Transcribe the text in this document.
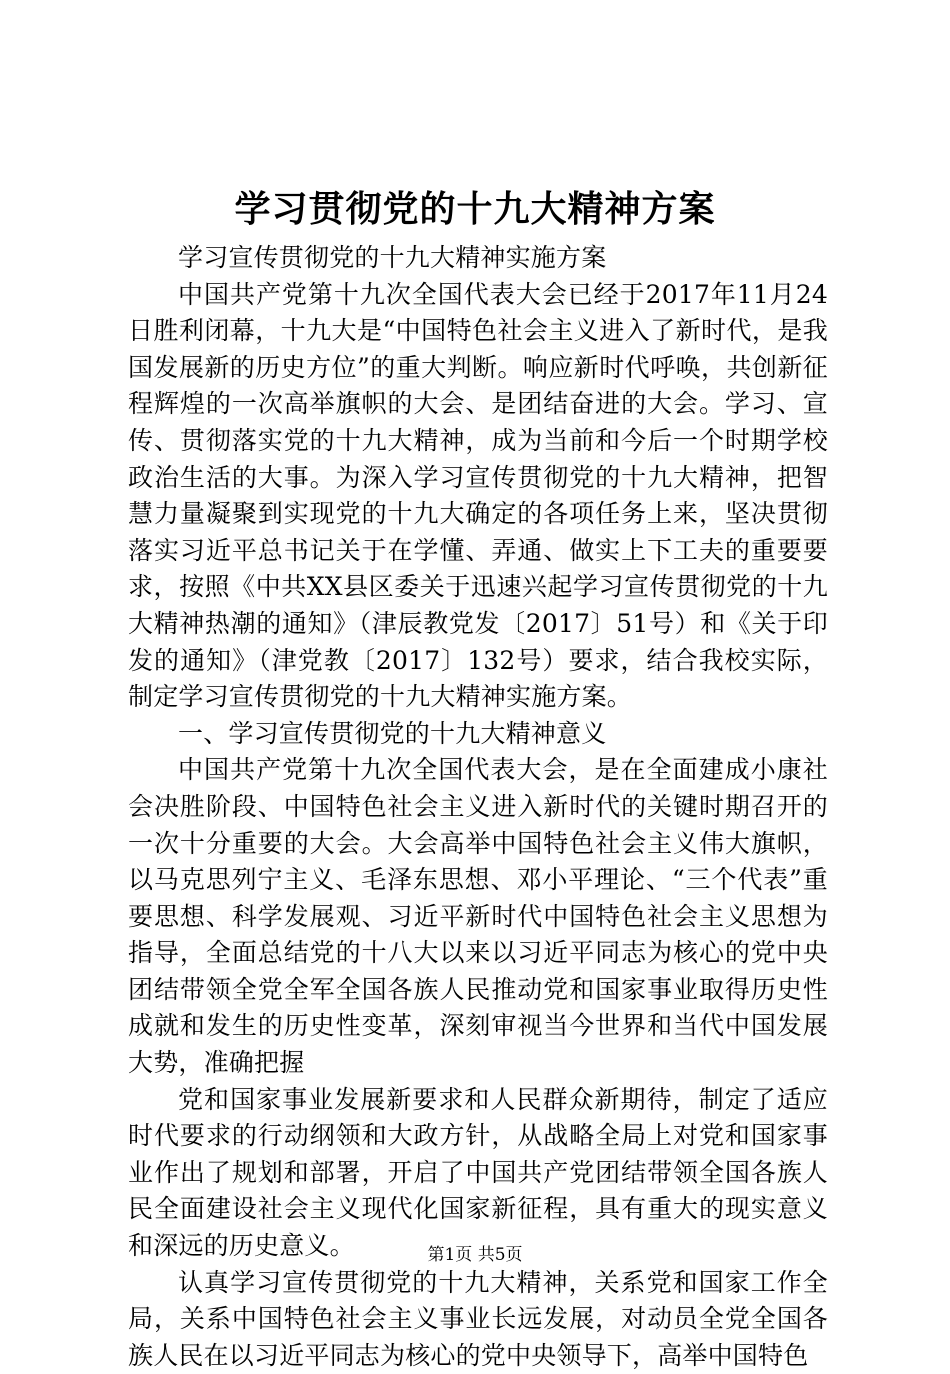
学习贯彻党的十九大精神方案

学习宣传贯彻党的十九大精神实施方案

中国共产党第十九次全国代表大会已经于2017年11月24日胜利闭幕，十九大是“中国特色社会主义进入了新时代，是我国发展新的历史方位”的重大判断。响应新时代呼唤，共创新征程辉煌的一次高举旗帜的大会、是团结奋进的大会。学习、宣传、贯彻落实党的十九大精神，成为当前和今后一个时期学校政治生活的大事。为深入学习宣传贯彻党的十九大精神，把智慧力量凝聚到实现党的十九大确定的各项任务上来，坚决贯彻落实习近平总书记关于在学懂、弄通、做实上下工夫的重要要求，按照《中共XX县区委关于迅速兴起学习宣传贯彻党的十九大精神热潮的通知》（津辰教党发〔2017〕51号）和《关于印发的通知》（津党教〔2017〕132号）要求，结合我校实际，制定学习宣传贯彻党的十九大精神实施方案。

一、学习宣传贯彻党的十九大精神意义

中国共产党第十九次全国代表大会，是在全面建成小康社会决胜阶段、中国特色社会主义进入新时代的关键时期召开的一次十分重要的大会。大会高举中国特色社会主义伟大旗帜，以马克思列宁主义、毛泽东思想、邓小平理论、“三个代表”重要思想、科学发展观、习近平新时代中国特色社会主义思想为指导，全面总结党的十八大以来以习近平同志为核心的党中央团结带领全党全军全国各族人民推动党和国家事业取得历史性成就和发生的历史性变革，深刻审视当今世界和当代中国发展大势，准确把握

党和国家事业发展新要求和人民群众新期待，制定了适应时代要求的行动纲领和大政方针，从战略全局上对党和国家事业作出了规划和部署，开启了中国共产党团结带领全国各族人民全面建设社会主义现代化国家新征程，具有重大的现实意义和深远的历史意义。

认真学习宣传贯彻党的十九大精神，关系党和国家工作全局，关系中国特色社会主义事业长远发展，对动员全党全国各族人民在以习近平同志为核心的党中央领导下，高举中国特色

第1页 共5页
